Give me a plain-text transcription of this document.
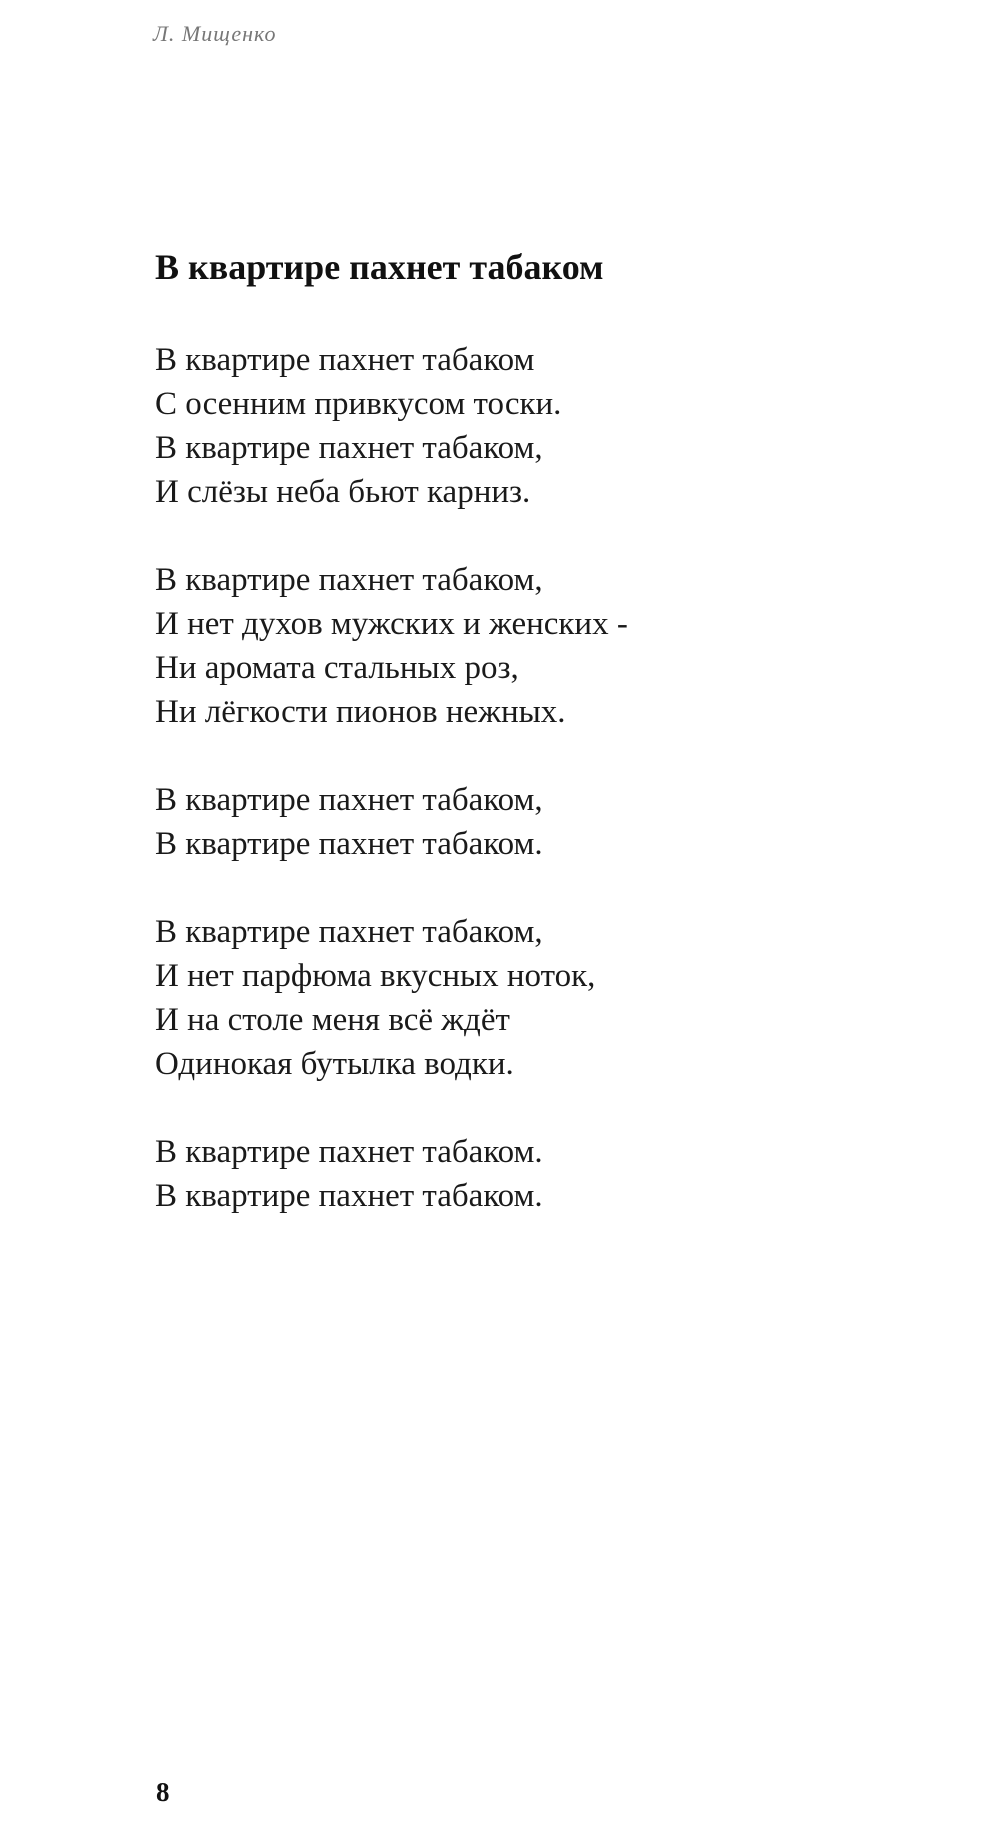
Л. Мищенко
В квартире пахнет табаком
В квартире пахнет табаком
С осенним привкусом тоски.
В квартире пахнет табаком,
И слёзы неба бьют карниз.
В квартире пахнет табаком,
И нет духов мужских и женских -
Ни аромата стальных роз,
Ни лёгкости пионов нежных.
В квартире пахнет табаком,
В квартире пахнет табаком.
В квартире пахнет табаком,
И нет парфюма вкусных ноток,
И на столе меня всё ждёт
Одинокая бутылка водки.
В квартире пахнет табаком.
В квартире пахнет табаком.
8
